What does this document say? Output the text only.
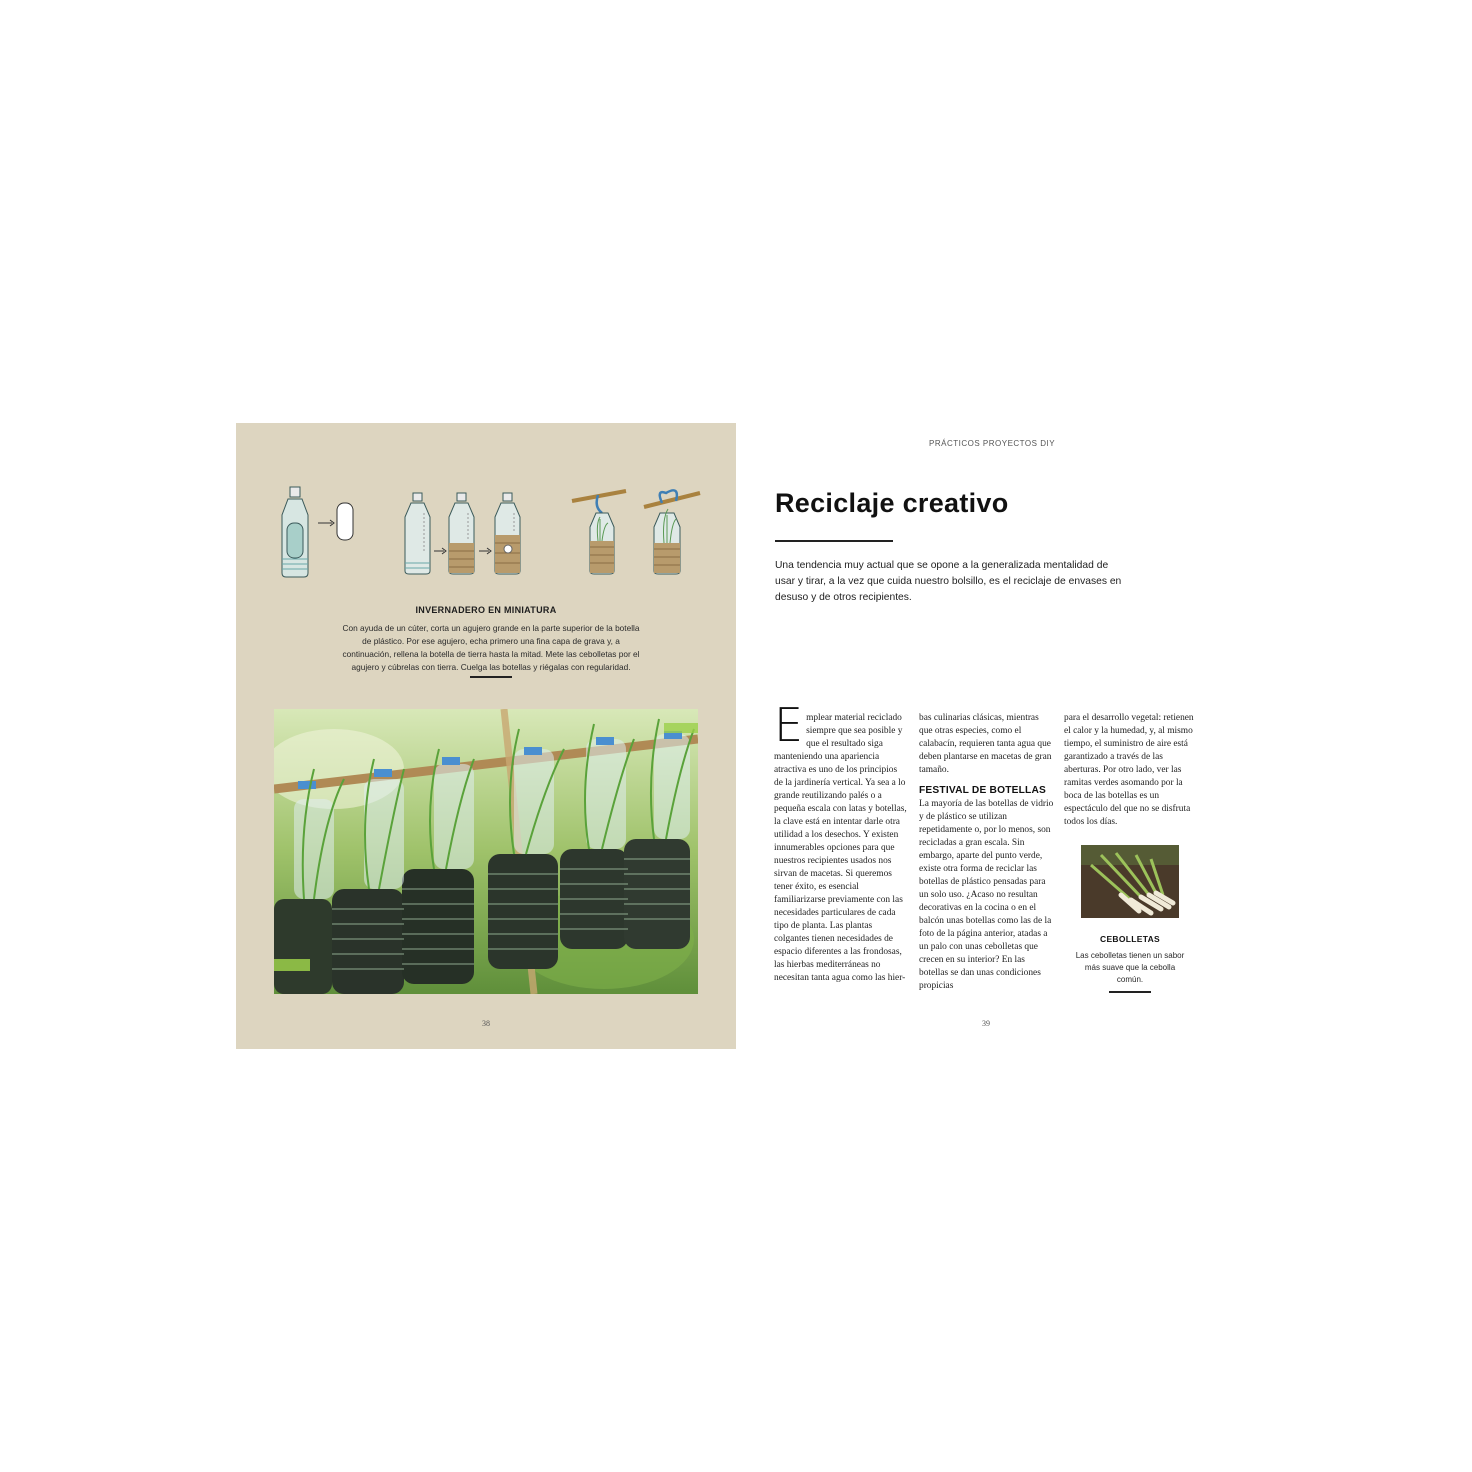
INVERNADERO EN MINIATURA
Con ayuda de un cúter, corta un agujero grande en la parte superior de la botella de plástico. Por ese agujero, echa primero una fina capa de grava y, a continuación, rellena la botella de tierra hasta la mitad. Mete las cebolletas por el agujero y cúbrelas con tierra. Cuelga las botellas y riégalas con regularidad.
38
PRÁCTICOS PROYECTOS DIY
Reciclaje creativo
Una tendencia muy actual que se opone a la generalizada mentalidad de usar y tirar, a la vez que cuida nuestro bolsillo, es el reciclaje de envases en desuso y de otros recipientes.
E mplear material reciclado siempre que sea posible y que el resultado siga manteniendo una apariencia atractiva es uno de los principios de la jardinería vertical. Ya sea a lo grande reutilizando palés o a pequeña escala con latas y botellas, la clave está en intentar darle otra utilidad a los desechos. Y existen innumerables opciones para que nuestros recipientes usados nos sirvan de macetas. Si queremos tener éxito, es esencial familiarizarse previamente con las necesidades particulares de cada tipo de planta. Las plantas colgantes tienen necesidades de espacio diferentes a las frondosas, las hierbas mediterráneas no necesitan tanta agua como las hier-

bas culinarias clásicas, mientras que otras especies, como el calabacín, requieren tanta agua que deben plantarse en macetas de gran tamaño.

FESTIVAL DE BOTELLAS

La mayoría de las botellas de vidrio y de plástico se utilizan repetidamente o, por lo menos, son recicladas a gran escala. Sin embargo, aparte del punto verde, existe otra forma de reciclar las botellas de plástico pensadas para un solo uso. ¿Acaso no resultan decorativas en la cocina o en el balcón unas botellas como las de la foto de la página anterior, atadas a un palo con unas cebolletas que crecen en su interior? En las botellas se dan unas condiciones propicias

para el desarrollo vegetal: retienen el calor y la humedad, y, al mismo tiempo, el suministro de aire está garantizado a través de las aberturas. Por otro lado, ver las ramitas verdes asomando por la boca de las botellas es un espectáculo del que no se disfruta todos los días.

CEBOLLETAS
Las cebolletas tienen un sabor más suave que la cebolla común.
39
